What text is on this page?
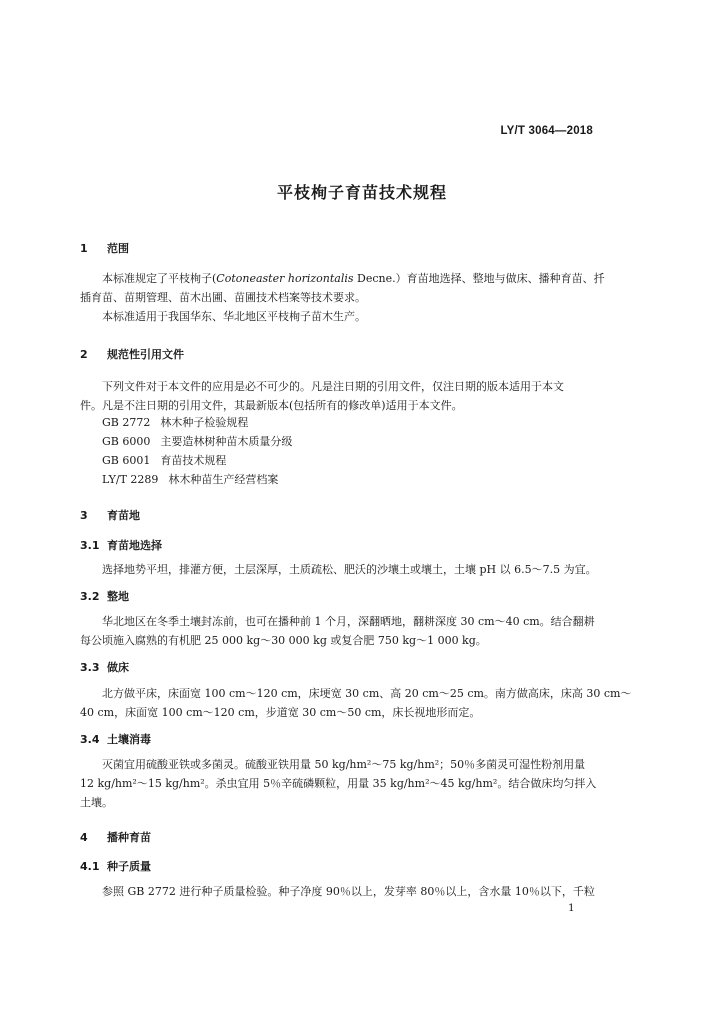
LY/T 3064—2018
平枝栒子育苗技术规程
1 范围
本标准规定了平枝栒子(Cotoneaster horizontalis Decne.）育苗地选择、整地与做床、播种育苗、扦
插育苗、苗期管理、苗木出圃、苗圃技术档案等技术要求。
本标准适用于我国华东、华北地区平枝栒子苗木生产。
2 规范性引用文件
下列文件对于本文件的应用是必不可少的。凡是注日期的引用文件，仅注日期的版本适用于本文
件。凡是不注日期的引用文件，其最新版本(包括所有的修改单)适用于本文件。
GB 2772 林木种子检验规程
GB 6000 主要造林树种苗木质量分级
GB 6001 育苗技术规程
LY/T 2289 林木种苗生产经营档案
3 育苗地
3.1 育苗地选择
选择地势平坦，排灌方便，土层深厚，土质疏松、肥沃的沙壤土或壤土，土壤 pH 以 6.5～7.5 为宜。
3.2 整地
华北地区在冬季土壤封冻前，也可在播种前 1 个月，深翻晒地，翻耕深度 30 cm～40 cm。结合翻耕
每公顷施入腐熟的有机肥 25 000 kg～30 000 kg 或复合肥 750 kg～1 000 kg。
3.3 做床
北方做平床，床面宽 100 cm～120 cm，床埂宽 30 cm、高 20 cm～25 cm。南方做高床，床高 30 cm～
40 cm，床面宽 100 cm～120 cm，步道宽 30 cm～50 cm，床长视地形而定。
3.4 土壤消毒
灭菌宜用硫酸亚铁或多菌灵。硫酸亚铁用量 50 kg/hm²～75 kg/hm²；50％多菌灵可湿性粉剂用量
12 kg/hm²～15 kg/hm²。杀虫宜用 5％辛硫磷颗粒，用量 35 kg/hm²～45 kg/hm²。结合做床均匀拌入
土壤。
4 播种育苗
4.1 种子质量
参照 GB 2772 进行种子质量检验。种子净度 90％以上，发芽率 80％以上，含水量 10％以下，千粒
1
